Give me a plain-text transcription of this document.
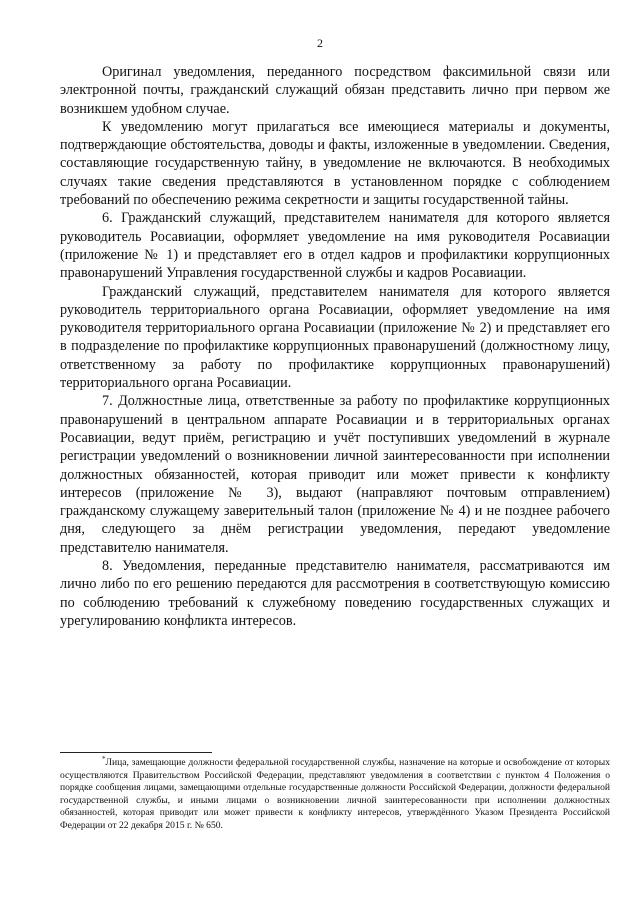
2

Оригинал уведомления, переданного посредством факсимильной связи или электронной почты, гражданский служащий обязан представить лично при первом же возникшем удобном случае.

К уведомлению могут прилагаться все имеющиеся материалы и документы, подтверждающие обстоятельства, доводы и факты, изложенные в уведомлении. Сведения, составляющие государственную тайну, в уведомление не включаются. В необходимых случаях такие сведения представляются в установленном порядке с соблюдением требований по обеспечению режима секретности и защиты государственной тайны.

6. Гражданский служащий, представителем нанимателя для которого является руководитель Росавиации, оформляет уведомление на имя руководителя Росавиации (приложение № 1) и представляет его в отдел кадров и профилактики коррупционных правонарушений Управления государственной службы и кадров Росавиации.

Гражданский служащий, представителем нанимателя для которого является руководитель территориального органа Росавиации, оформляет уведомление на имя руководителя территориального органа Росавиации (приложение № 2) и представляет его в подразделение по профилактике коррупционных правонарушений (должностному лицу, ответственному за работу по профилактике коррупционных правонарушений) территориального органа Росавиации.

7. Должностные лица, ответственные за работу по профилактике коррупционных правонарушений в центральном аппарате Росавиации и в территориальных органах Росавиации, ведут приём, регистрацию и учёт поступивших уведомлений в журнале регистрации уведомлений о возникновении личной заинтересованности при исполнении должностных обязанностей, которая приводит или может привести к конфликту интересов (приложение № 3), выдают (направляют почтовым отправлением) гражданскому служащему заверительный талон (приложение № 4) и не позднее рабочего дня, следующего за днём регистрации уведомления, передают уведомление представителю нанимателя.

8. Уведомления, переданные представителю нанимателя, рассматриваются им лично либо по его решению передаются для рассмотрения в соответствующую комиссию по соблюдению требований к служебному поведению государственных служащих и урегулированию конфликта интересов.

*Лица, замещающие должности федеральной государственной службы, назначение на которые и освобождение от которых осуществляются Правительством Российской Федерации, представляют уведомления в соответствии с пунктом 4 Положения о порядке сообщения лицами, замещающими отдельные государственные должности Российской Федерации, должности федеральной государственной службы, и иными лицами о возникновении личной заинтересованности при исполнении должностных обязанностей, которая приводит или может привести к конфликту интересов, утверждённого Указом Президента Российской Федерации от 22 декабря 2015 г. № 650.
